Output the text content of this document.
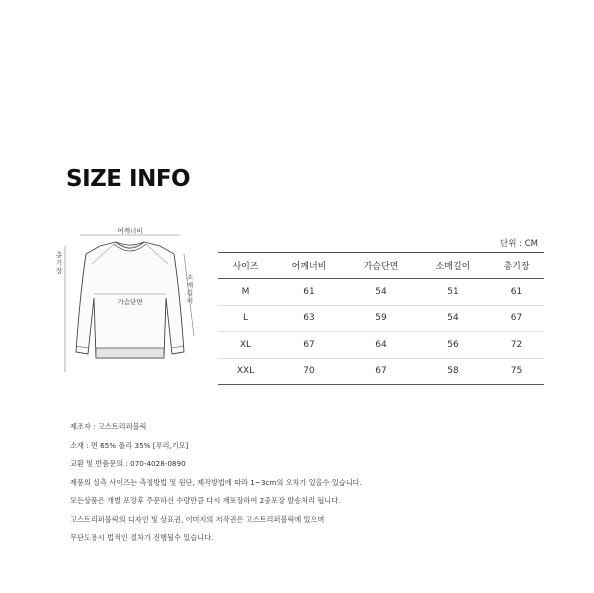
SIZE INFO
어깨너비
총
기
장
소
매
길
이
가슴단면
단위 : CM
사이즈	어깨너비	가슴단면	소매길이	총기장
M	61	54	51	61
L	63	59	54	67
XL	67	64	56	72
XXL	70	67	58	75
제조자 : 고스트리퍼블릭
소재 : 면 65% 폴리 35% [푸리,기모]
교환 및 반품문의 : 070-4028-0890
제품의 실측 사이즈는 측정방법 및 원단, 제작방법에 따라 1~3cm의 오차가 있을수 있습니다.
모든상품은 개별 포장후 주문하신 수량만큼 다시 재포장하여 2중포장 발송처리 됩니다.
고스트리퍼블릭의 디자인 및 상표권, 이미지의 저작권은 고스트리퍼블릭에 있으며
무단도용시 법적인 절차가 진행될수 있습니다.
